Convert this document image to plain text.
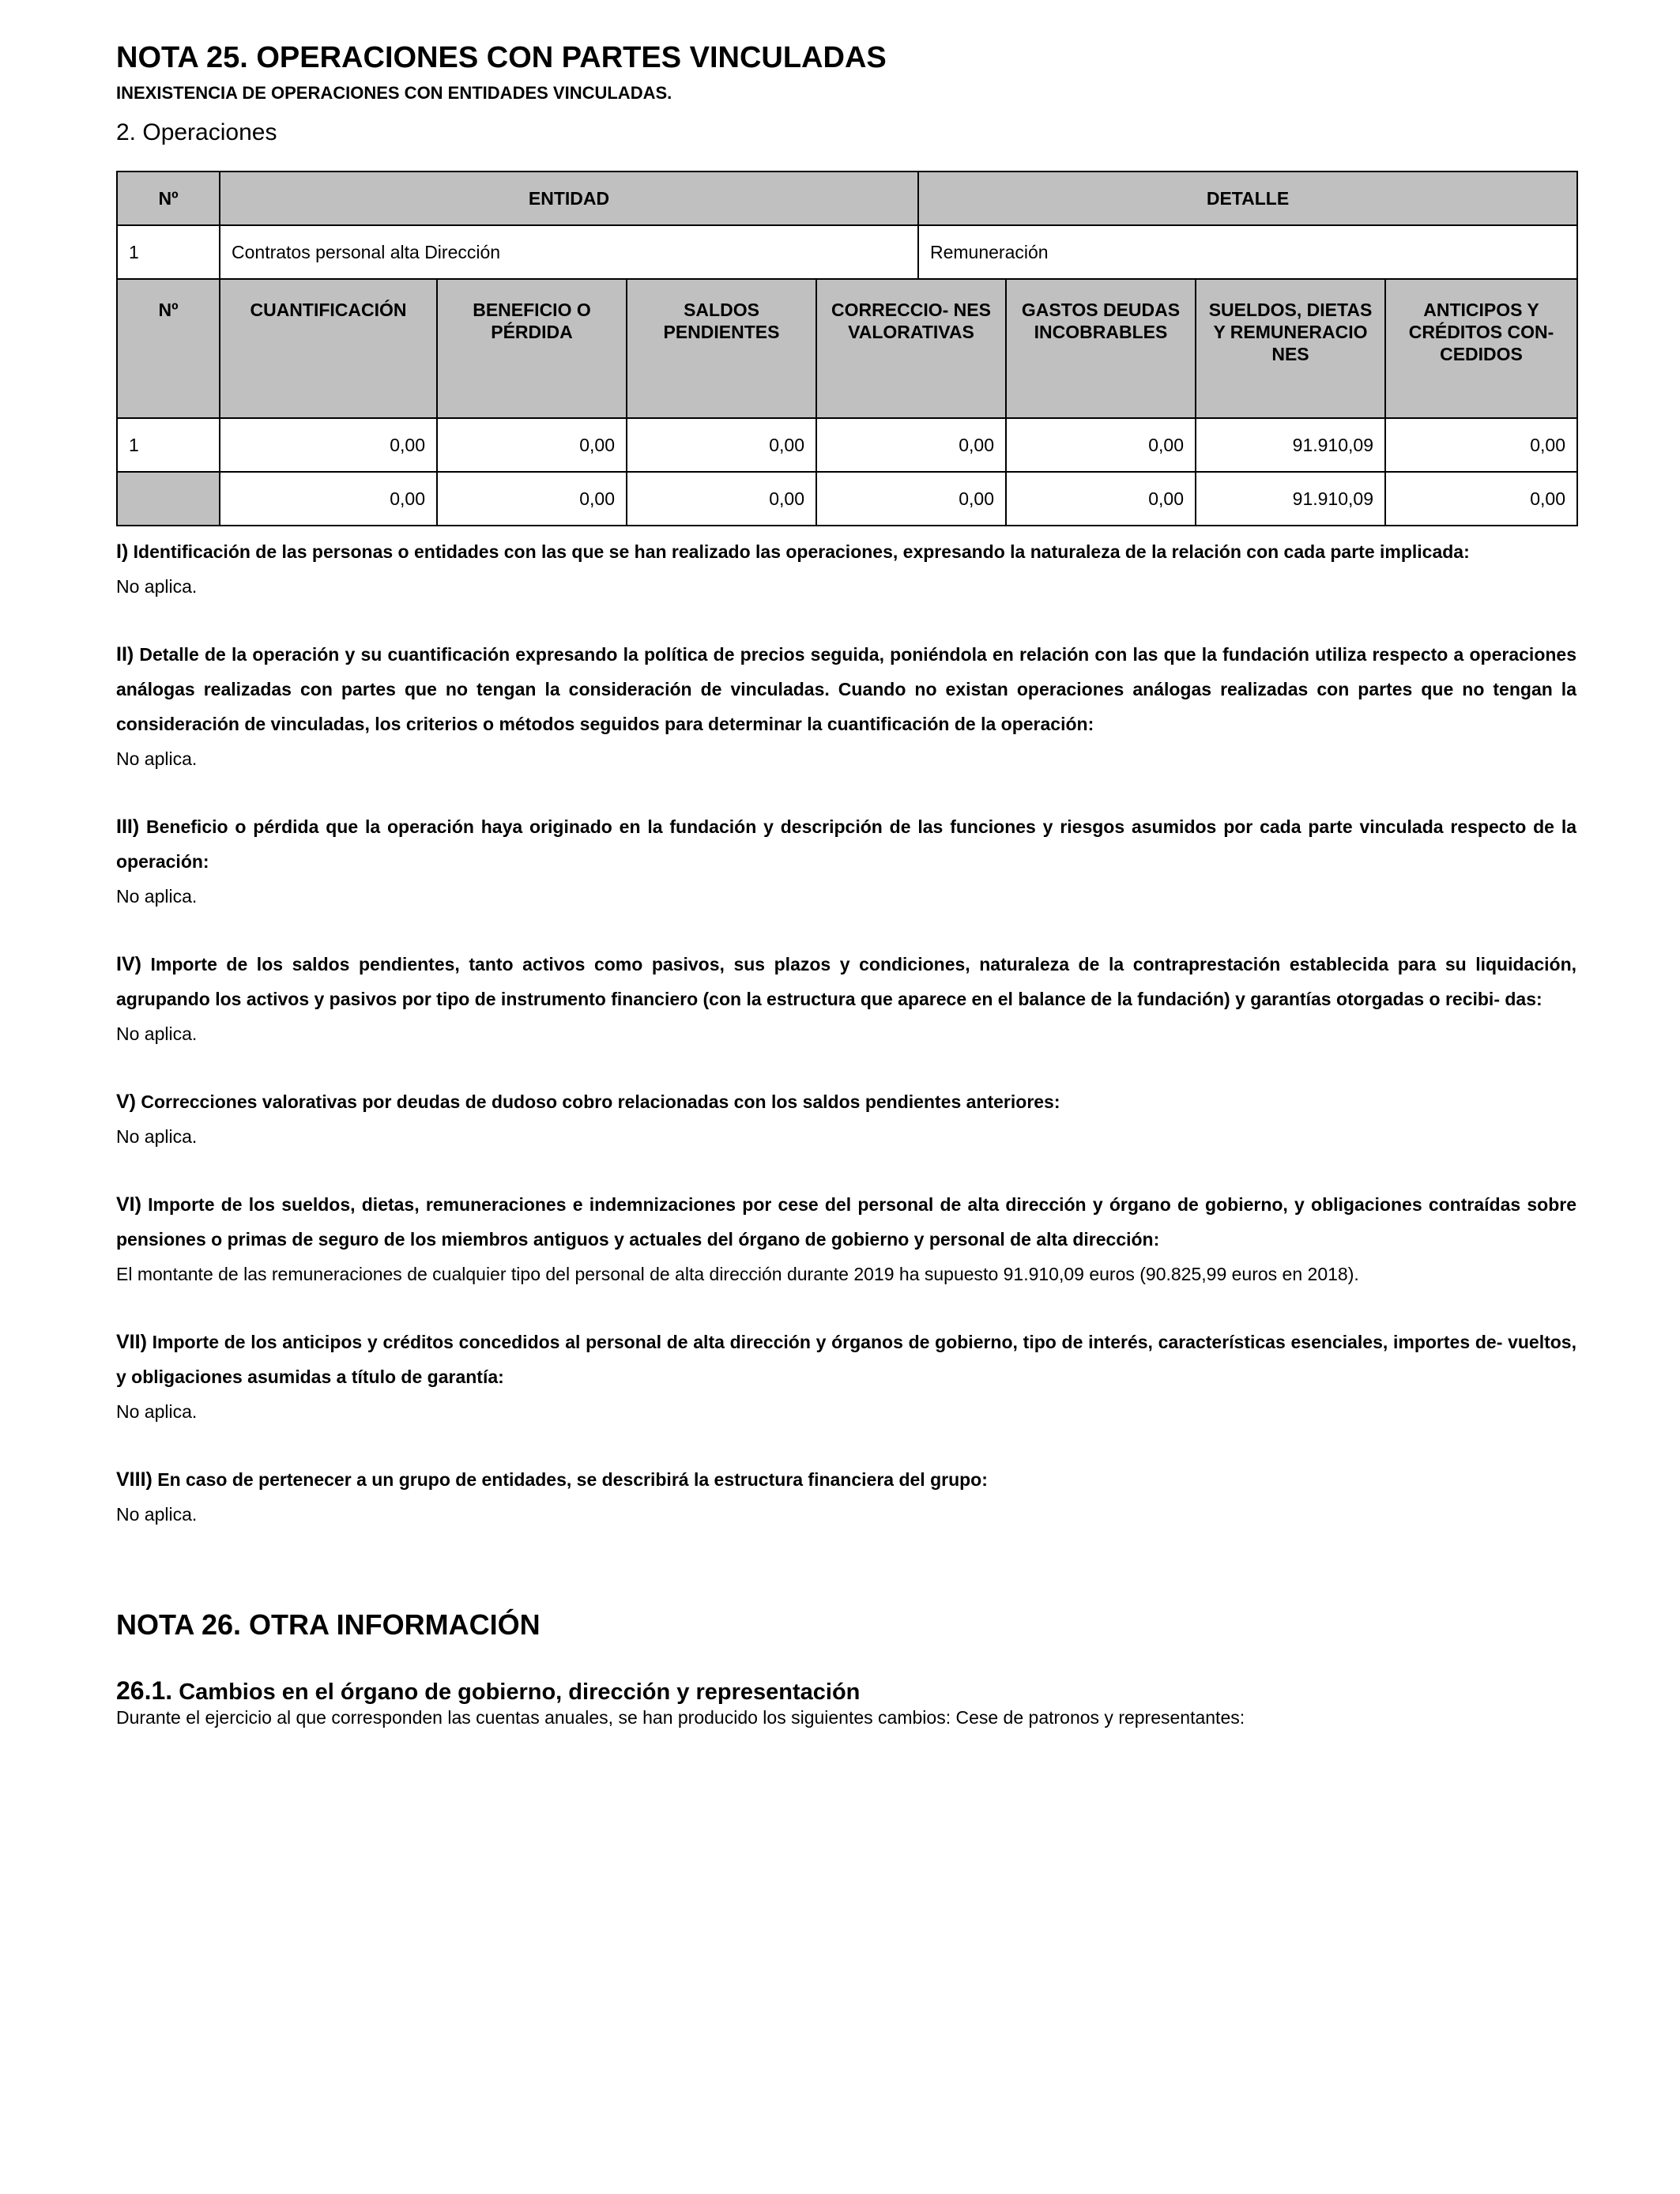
NOTA 25. OPERACIONES CON PARTES VINCULADAS
INEXISTENCIA DE OPERACIONES CON ENTIDADES VINCULADAS.
2. Operaciones
Nº	ENTIDAD	DETALLE
1	Contratos personal alta Dirección	Remuneración
Nº	CUANTIFICACIÓN	BENEFICIO O PÉRDIDA	SALDOS PENDIENTES	CORRECCIO- NES VALORATIVAS	GASTOS DEUDAS INCOBRABLES	SUELDOS, DIETAS Y REMUNERACIO NES	ANTICIPOS Y CRÉDITOS CON- CEDIDOS
1	0,00	0,00	0,00	0,00	0,00	91.910,09	0,00
	0,00	0,00	0,00	0,00	0,00	91.910,09	0,00
I) Identificación de las personas o entidades con las que se han realizado las operaciones, expresando la naturaleza de la relación con cada parte implicada:
No aplica.
II) Detalle de la operación y su cuantificación expresando la política de precios seguida, poniéndola en relación con las que la fundación utiliza respecto a operaciones análogas realizadas con partes que no tengan la consideración de vinculadas. Cuando no existan operaciones análogas realizadas con partes que no tengan la consideración de vinculadas, los criterios o métodos seguidos para determinar la cuantificación de la operación:
No aplica.
III) Beneficio o pérdida que la operación haya originado en la fundación y descripción de las funciones y riesgos asumidos por cada parte vinculada respecto de la operación:
No aplica.
IV) Importe de los saldos pendientes, tanto activos como pasivos, sus plazos y condiciones, naturaleza de la contraprestación establecida para su liquidación, agrupando los activos y pasivos por tipo de instrumento financiero (con la estructura que aparece en el balance de la fundación) y garantías otorgadas o recibi- das:
No aplica.
V) Correcciones valorativas por deudas de dudoso cobro relacionadas con los saldos pendientes anteriores:
No aplica.
VI) Importe de los sueldos, dietas, remuneraciones e indemnizaciones por cese del personal de alta dirección y órgano de gobierno, y obligaciones contraídas sobre pensiones o primas de seguro de los miembros antiguos y actuales del órgano de gobierno y personal de alta dirección:
El montante de las remuneraciones de cualquier tipo del personal de alta dirección durante 2019 ha supuesto 91.910,09 euros (90.825,99 euros en 2018).
VII) Importe de los anticipos y créditos concedidos al personal de alta dirección y órganos de gobierno, tipo de interés, características esenciales, importes de- vueltos, y obligaciones asumidas a título de garantía:
No aplica.
VIII) En caso de pertenecer a un grupo de entidades, se describirá la estructura financiera del grupo:
No aplica.
NOTA 26. OTRA INFORMACIÓN
26.1. Cambios en el órgano de gobierno, dirección y representación
Durante el ejercicio al que corresponden las cuentas anuales, se han producido los siguientes cambios: Cese de patronos y representantes:
